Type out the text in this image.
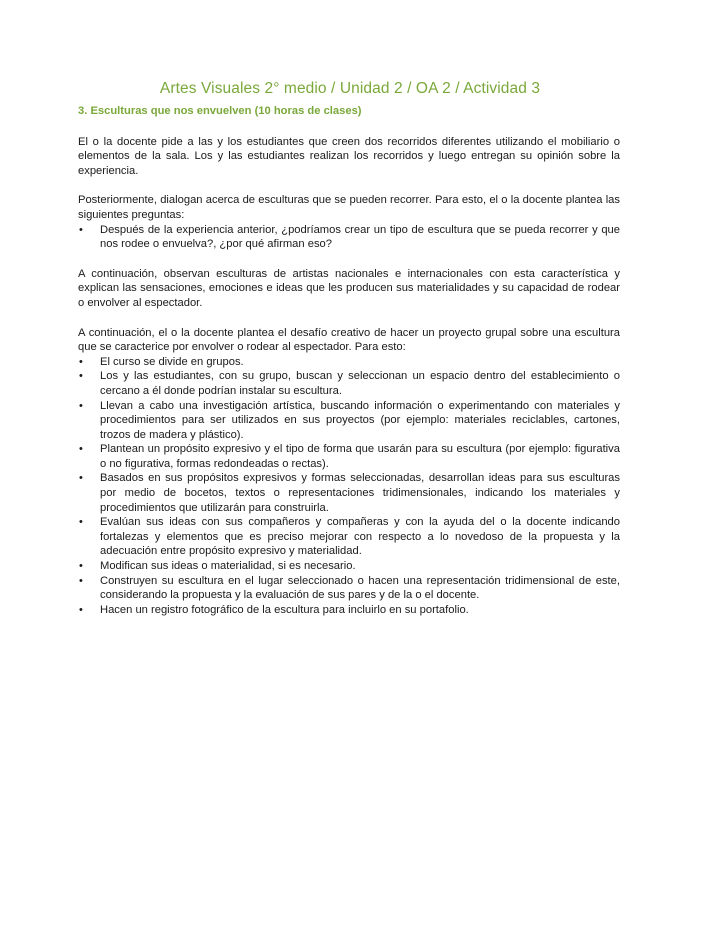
Artes Visuales 2° medio / Unidad 2 / OA 2 / Actividad 3
3. Esculturas que nos envuelven (10 horas de clases)

El o la docente pide a las y los estudiantes que creen dos recorridos diferentes utilizando el mobiliario o elementos de la sala. Los y las estudiantes realizan los recorridos y luego entregan su opinión sobre la experiencia.

Posteriormente, dialogan acerca de esculturas que se pueden recorrer. Para esto, el o la docente plantea las siguientes preguntas:

• Después de la experiencia anterior, ¿podríamos crear un tipo de escultura que se pueda recorrer y que nos rodee o envuelva?, ¿por qué afirman eso?

A continuación, observan esculturas de artistas nacionales e internacionales con esta característica y explican las sensaciones, emociones e ideas que les producen sus materialidades y su capacidad de rodear o envolver al espectador.

A continuación, el o la docente plantea el desafío creativo de hacer un proyecto grupal sobre una escultura que se caracterice por envolver o rodear al espectador. Para esto:

• El curso se divide en grupos.
• Los y las estudiantes, con su grupo, buscan y seleccionan un espacio dentro del establecimiento o cercano a él donde podrían instalar su escultura.
• Llevan a cabo una investigación artística, buscando información o experimentando con materiales y procedimientos para ser utilizados en sus proyectos (por ejemplo: materiales reciclables, cartones, trozos de madera y plástico).
• Plantean un propósito expresivo y el tipo de forma que usarán para su escultura (por ejemplo: figurativa o no figurativa, formas redondeadas o rectas).
• Basados en sus propósitos expresivos y formas seleccionadas, desarrollan ideas para sus esculturas por medio de bocetos, textos o representaciones tridimensionales, indicando los materiales y procedimientos que utilizarán para construirla.
• Evalúan sus ideas con sus compañeros y compañeras y con la ayuda del o la docente indicando fortalezas y elementos que es preciso mejorar con respecto a lo novedoso de la propuesta y la adecuación entre propósito expresivo y materialidad.
• Modifican sus ideas o materialidad, si es necesario.
• Construyen su escultura en el lugar seleccionado o hacen una representación tridimensional de este, considerando la propuesta y la evaluación de sus pares y de la o el docente.
• Hacen un registro fotográfico de la escultura para incluirlo en su portafolio.
